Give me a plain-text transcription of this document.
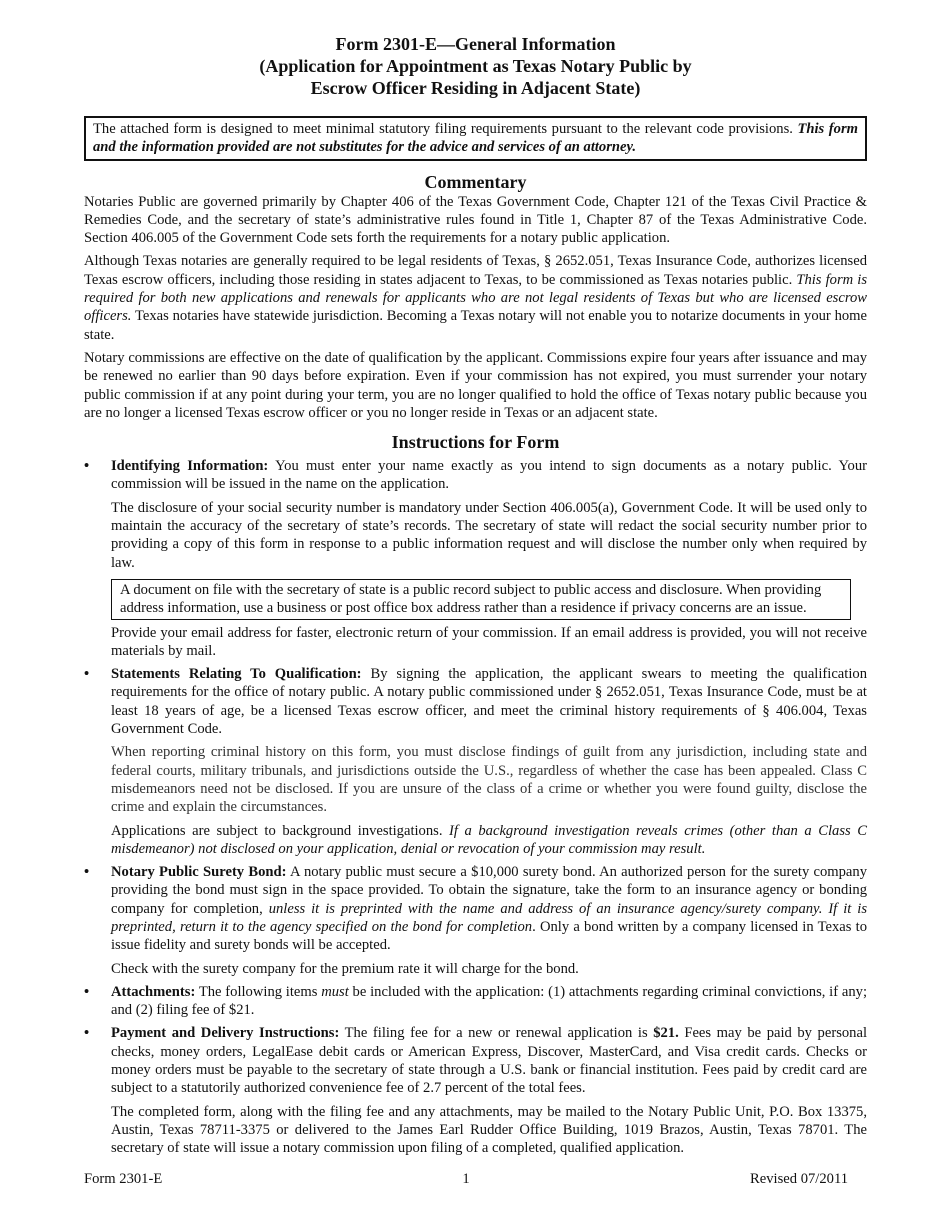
Form 2301-E—General Information

(Application for Appointment as Texas Notary Public by

Escrow Officer Residing in Adjacent State)

The attached form is designed to meet minimal statutory filing requirements pursuant to the relevant code provisions. This form and the information provided are not substitutes for the advice and services of an attorney.
Commentary

Notaries Public are governed primarily by Chapter 406 of the Texas Government Code, Chapter 121 of the Texas Civil Practice & Remedies Code, and the secretary of state’s administrative rules found in Title 1, Chapter 87 of the Texas Administrative Code. Section 406.005 of the Government Code sets forth the requirements for a notary public application.

Although Texas notaries are generally required to be legal residents of Texas, § 2652.051, Texas Insurance Code, authorizes licensed Texas escrow officers, including those residing in states adjacent to Texas, to be commissioned as Texas notaries public. This form is required for both new applications and renewals for applicants who are not legal residents of Texas but who are licensed escrow officers. Texas notaries have statewide jurisdiction. Becoming a Texas notary will not enable you to notarize documents in your home state.

Notary commissions are effective on the date of qualification by the applicant. Commissions expire four years after issuance and may be renewed no earlier than 90 days before expiration. Even if your commission has not expired, you must surrender your notary public commission if at any point during your term, you are no longer qualified to hold the office of Texas notary public because you are no longer a licensed Texas escrow officer or you no longer reside in Texas or an adjacent state.

Instructions for Form
•	Identifying Information: You must enter your name exactly as you intend to sign documents as a notary public. Your commission will be issued in the name on the application.

The disclosure of your social security number is mandatory under Section 406.005(a), Government Code. It will be used only to maintain the accuracy of the secretary of state’s records. The secretary of state will redact the social security number prior to providing a copy of this form in response to a public information request and will disclose the number only when required by law.

A document on file with the secretary of state is a public record subject to public access and disclosure. When providing address information, use a business or post office box address rather than a residence if privacy concerns are an issue.

Provide your email address for faster, electronic return of your commission. If an email address is provided, you will not receive materials by mail.

•	Statements Relating To Qualification: By signing the application, the applicant swears to meeting the qualification requirements for the office of notary public. A notary public commissioned under § 2652.051, Texas Insurance Code, must be at least 18 years of age, be a licensed Texas escrow officer, and meet the criminal history requirements of § 406.004, Texas Government Code.

When reporting criminal history on this form, you must disclose findings of guilt from any jurisdiction, including state and federal courts, military tribunals, and jurisdictions outside the U.S., regardless of whether the case has been appealed. Class C misdemeanors need not be disclosed. If you are unsure of the class of a crime or whether you were found guilty, disclose the crime and explain the circumstances.

Applications are subject to background investigations. If a background investigation reveals crimes (other than a Class C misdemeanor) not disclosed on your application, denial or revocation of your commission may result.

•	Notary Public Surety Bond: A notary public must secure a $10,000 surety bond. An authorized person for the surety company providing the bond must sign in the space provided. To obtain the signature, take the form to an insurance agency or bonding company for completion, unless it is preprinted with the name and address of an insurance agency/surety company. If it is preprinted, return it to the agency specified on the bond for completion. Only a bond written by a company licensed in Texas to issue fidelity and surety bonds will be accepted.

Check with the surety company for the premium rate it will charge for the bond.

•	Attachments: The following items must be included with the application: (1) attachments regarding criminal convictions, if any; and (2) filing fee of $21.

•	Payment and Delivery Instructions: The filing fee for a new or renewal application is $21. Fees may be paid by personal checks, money orders, LegalEase debit cards or American Express, Discover, MasterCard, and Visa credit cards. Checks or money orders must be payable to the secretary of state through a U.S. bank or financial institution. Fees paid by credit card are subject to a statutorily authorized convenience fee of 2.7 percent of the total fees.

The completed form, along with the filing fee and any attachments, may be mailed to the Notary Public Unit, P.O. Box 13375, Austin, Texas 78711-3375 or delivered to the James Earl Rudder Office Building, 1019 Brazos, Austin, Texas 78701. The secretary of state will issue a notary commission upon filing of a completed, qualified application.

Form 2301-E	1	Revised 07/2011
